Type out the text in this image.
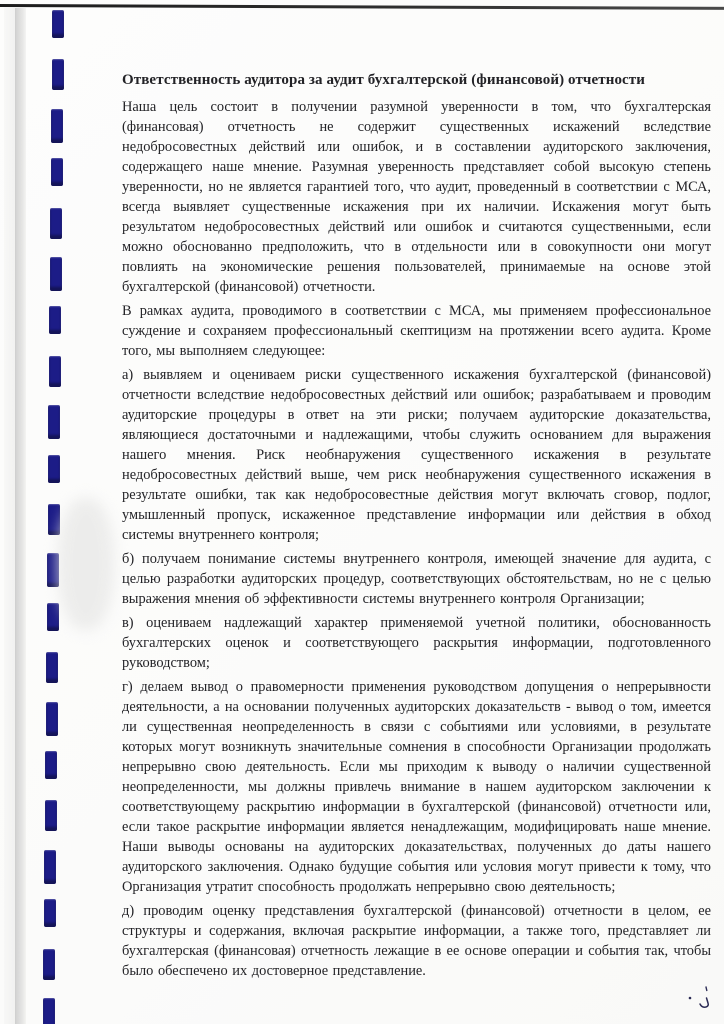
Ответственность аудитора за аудит бухгалтерской (финансовой) отчетности

Наша цель состоит в получении разумной уверенности в том, что бухгалтерская (финансовая) отчетность не содержит существенных искажений вследствие недобросовестных действий или ошибок, и в составлении аудиторского заключения, содержащего наше мнение. Разумная уверенность представляет собой высокую степень уверенности, но не является гарантией того, что аудит, проведенный в соответствии с МСА, всегда выявляет существенные искажения при их наличии. Искажения могут быть результатом недобросовестных действий или ошибок и считаются существенными, если можно обоснованно предположить, что в отдельности или в совокупности они могут повлиять на экономические решения пользователей, принимаемые на основе этой бухгалтерской (финансовой) отчетности.

В рамках аудита, проводимого в соответствии с МСА, мы применяем профессиональное суждение и сохраняем профессиональный скептицизм на протяжении всего аудита. Кроме того, мы выполняем следующее:

а) выявляем и оцениваем риски существенного искажения бухгалтерской (финансовой) отчетности вследствие недобросовестных действий или ошибок; разрабатываем и проводим аудиторские процедуры в ответ на эти риски; получаем аудиторские доказательства, являющиеся достаточными и надлежащими, чтобы служить основанием для выражения нашего мнения. Риск необнаружения существенного искажения в результате недобросовестных действий выше, чем риск необнаружения существенного искажения в результате ошибки, так как недобросовестные действия могут включать сговор, подлог, умышленный пропуск, искаженное представление информации или действия в обход системы внутреннего контроля;

б) получаем понимание системы внутреннего контроля, имеющей значение для аудита, с целью разработки аудиторских процедур, соответствующих обстоятельствам, но не с целью выражения мнения об эффективности системы внутреннего контроля Организации;

в) оцениваем надлежащий характер применяемой учетной политики, обоснованность бухгалтерских оценок и соответствующего раскрытия информации, подготовленного руководством;

г) делаем вывод о правомерности применения руководством допущения о непрерывности деятельности, а на основании полученных аудиторских доказательств - вывод о том, имеется ли существенная неопределенность в связи с событиями или условиями, в результате которых могут возникнуть значительные сомнения в способности Организации продолжать непрерывно свою деятельность. Если мы приходим к выводу о наличии существенной неопределенности, мы должны привлечь внимание в нашем аудиторском заключении к соответствующему раскрытию информации в бухгалтерской (финансовой) отчетности или, если такое раскрытие информации является ненадлежащим, модифицировать наше мнение. Наши выводы основаны на аудиторских доказательствах, полученных до даты нашего аудиторского заключения. Однако будущие события или условия могут привести к тому, что Организация утратит способность продолжать непрерывно свою деятельность;

д) проводим оценку представления бухгалтерской (финансовой) отчетности в целом, ее структуры и содержания, включая раскрытие информации, а также того, представляет ли бухгалтерская (финансовая) отчетность лежащие в ее основе операции и события так, чтобы было обеспечено их достоверное представление.
